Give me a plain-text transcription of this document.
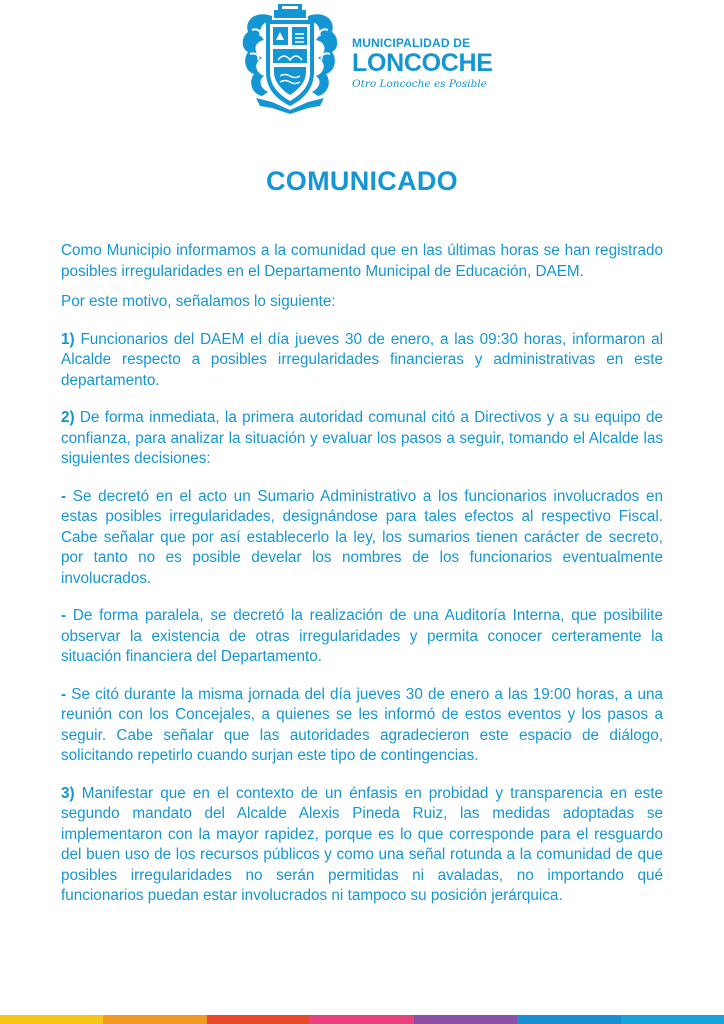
MUNICIPALIDAD DE
LONCOCHE
Otro Loncoche es Posible
COMUNICADO

Como Municipio informamos a la comunidad que en las últimas horas se han registrado posibles irregularidades en el Departamento Municipal de Educación, DAEM.

Por este motivo, señalamos lo siguiente:

1) Funcionarios del DAEM el día jueves 30 de enero, a las 09:30 horas, informaron al Alcalde respecto a posibles irregularidades financieras y administrativas en este departamento.

2) De forma inmediata, la primera autoridad comunal citó a Directivos y a su equipo de confianza, para analizar la situación y evaluar los pasos a seguir, tomando el Alcalde las siguientes decisiones:

- Se decretó en el acto un Sumario Administrativo a los funcionarios involucrados en estas posibles irregularidades, designándose para tales efectos al respectivo Fiscal. Cabe señalar que por así establecerlo la ley, los sumarios tienen carácter de secreto, por tanto no es posible develar los nombres de los funcionarios eventualmente involucrados.

- De forma paralela, se decretó la realización de una Auditoría Interna, que posibilite observar la existencia de otras irregularidades y permita conocer certeramente la situación financiera del Departamento.

- Se citó durante la misma jornada del día jueves 30 de enero a las 19:00 horas, a una reunión con los Concejales, a quienes se les informó de estos eventos y los pasos a seguir. Cabe señalar que las autoridades agradecieron este espacio de diálogo, solicitando repetirlo cuando surjan este tipo de contingencias.

3) Manifestar que en el contexto de un énfasis en probidad y transparencia en este segundo mandato del Alcalde Alexis Pineda Ruiz, las medidas adoptadas se implementaron con la mayor rapidez, porque es lo que corresponde para el resguardo del buen uso de los recursos públicos y como una señal rotunda a la comunidad de que posibles irregularidades no serán permitidas ni avaladas, no importando qué funcionarios puedan estar involucrados ni tampoco su posición jerárquica.
